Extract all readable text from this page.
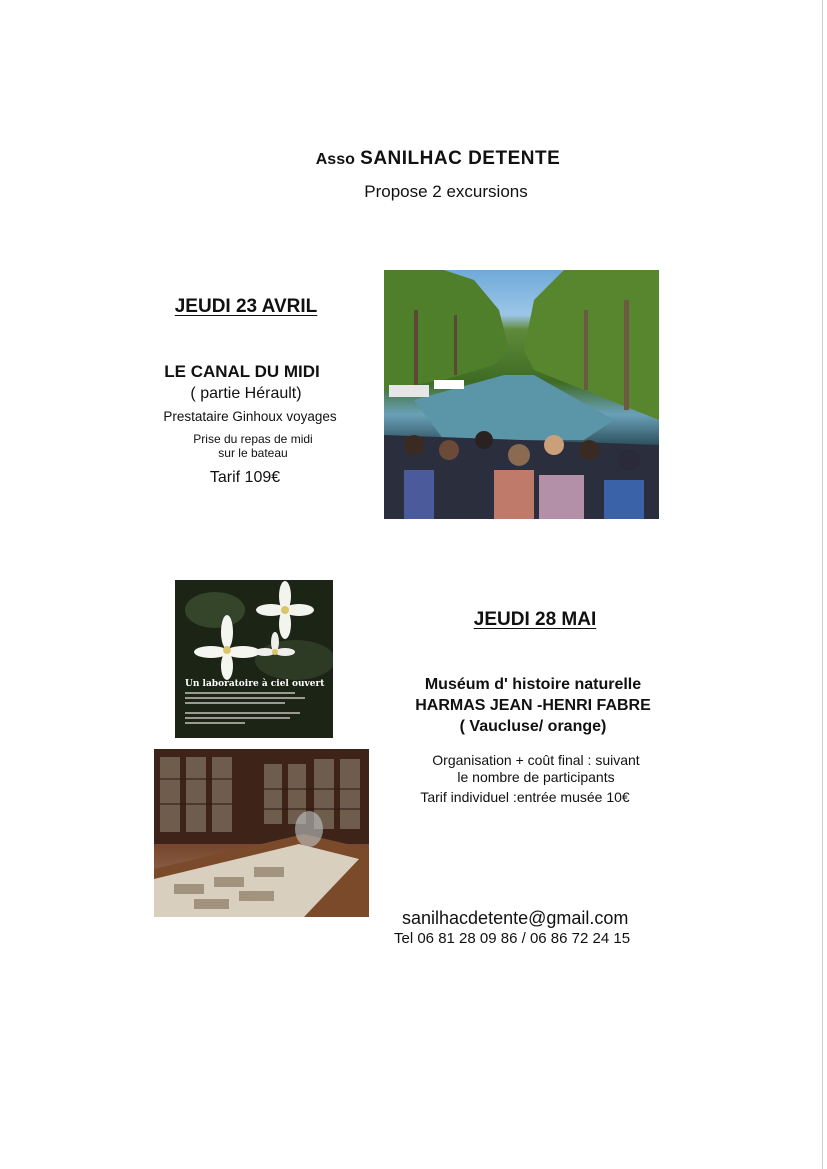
Asso SANILHAC DETENTE
Propose 2 excursions
JEUDI 23 AVRIL
LE CANAL DU MIDI
( partie Hérault)
Prestataire Ginhoux voyages
Prise du repas de midi
sur le bateau
Tarif 109€
Un laboratoire à ciel ouvert
JEUDI 28 MAI
Muséum d' histoire naturelle
HARMAS JEAN -HENRI FABRE
( Vaucluse/ orange)
Organisation + coût final : suivant
le nombre de participants
Tarif individuel :entrée musée 10€
sanilhacdetente@gmail.com
Tel 06 81 28 09 86 / 06 86 72 24 15
